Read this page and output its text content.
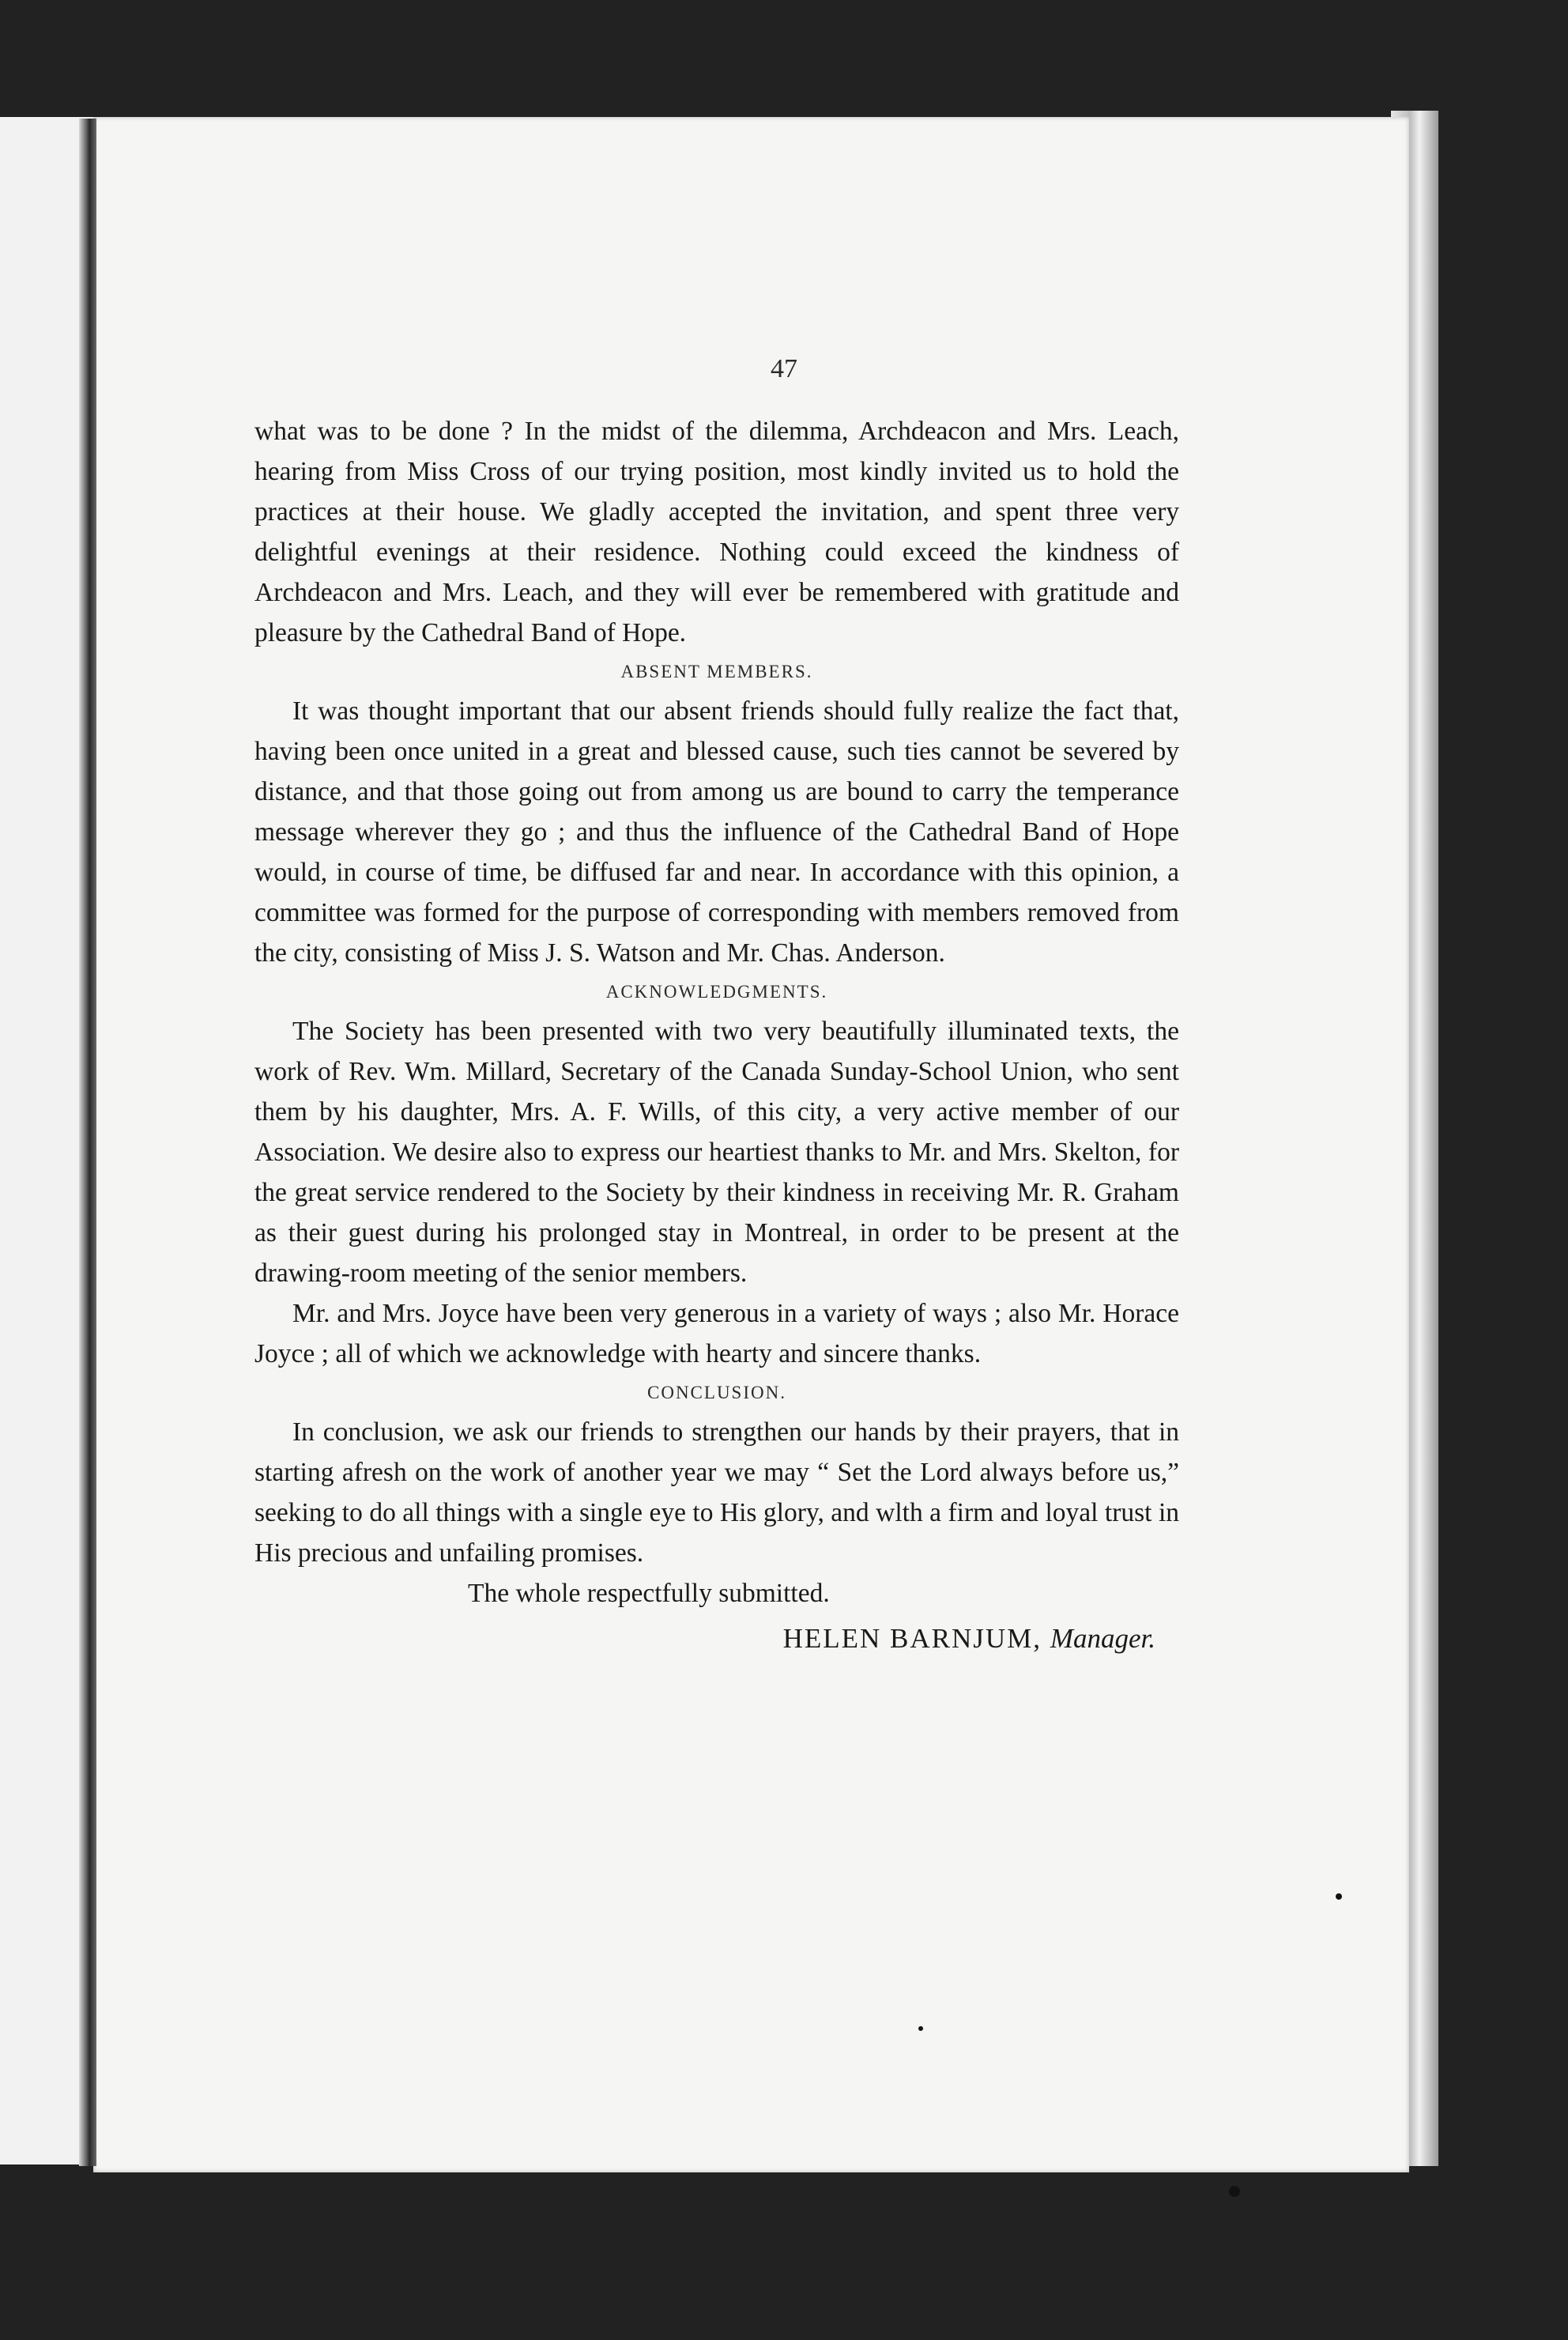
47

what was to be done ? In the midst of the dilemma, Archdeacon and Mrs. Leach, hearing from Miss Cross of our trying position, most kindly invited us to hold the practices at their house. We gladly accepted the invitation, and spent three very delightful evenings at their residence. Nothing could exceed the kindness of Archdeacon and Mrs. Leach, and they will ever be remembered with gratitude and pleasure by the Cathedral Band of Hope.

ABSENT MEMBERS.

It was thought important that our absent friends should fully realize the fact that, having been once united in a great and blessed cause, such ties cannot be severed by distance, and that those going out from among us are bound to carry the temperance message wherever they go ; and thus the influence of the Cathedral Band of Hope would, in course of time, be diffused far and near. In accordance with this opinion, a committee was formed for the purpose of corresponding with members removed from the city, consisting of Miss J. S. Watson and Mr. Chas. Anderson.

ACKNOWLEDGMENTS.

The Society has been presented with two very beautifully illuminated texts, the work of Rev. Wm. Millard, Secretary of the Canada Sunday-School Union, who sent them by his daughter, Mrs. A. F. Wills, of this city, a very active member of our Association. We desire also to express our heartiest thanks to Mr. and Mrs. Skelton, for the great service rendered to the Society by their kindness in receiving Mr. R. Graham as their guest during his prolonged stay in Montreal, in order to be present at the drawing-room meeting of the senior members.

Mr. and Mrs. Joyce have been very generous in a variety of ways ; also Mr. Horace Joyce ; all of which we acknowledge with hearty and sincere thanks.

CONCLUSION.

In conclusion, we ask our friends to strengthen our hands by their prayers, that in starting afresh on the work of another year we may “ Set the Lord always before us,” seeking to do all things with a single eye to His glory, and wlth a firm and loyal trust in His precious and unfailing promises.

The whole respectfully submitted.

HELEN BARNJUM, Manager.
